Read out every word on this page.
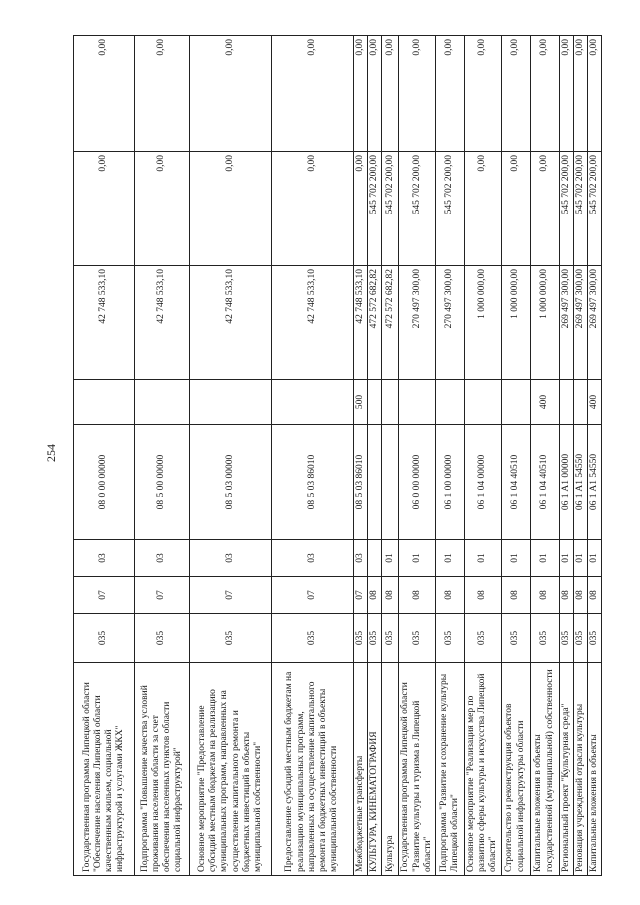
254
Государственная программа Липецкой области "Обеспечение населения Липецкой области качественным жильем, социальной инфраструктурой и услугами ЖКХ"	035	07	03	08 0 00 00000		42 748 533,10	0,00	0,00
Подпрограмма "Повышение качества условий проживания населения области за счет обеспечения населенных пунктов области социальной инфраструктурой"	035	07	03	08 5 00 00000		42 748 533,10	0,00	0,00
Основное мероприятие "Предоставление субсидий местным бюджетам на реализацию муниципальных программ, направленных на осуществление капитального ремонта и бюджетных инвестиций в объекты муниципальной собственности"	035	07	03	08 5 03 00000		42 748 533,10	0,00	0,00
Предоставление субсидий местным бюджетам на реализацию муниципальных программ, направленных на осуществление капитального ремонта и бюджетных инвестиций в объекты муниципальной собственности	035	07	03	08 5 03 86010		42 748 533,10	0,00	0,00
Межбюджетные трансферты	035	07	03	08 5 03 86010	500	42 748 533,10	0,00	0,00
КУЛЬТУРА, КИНЕМАТОГРАФИЯ	035	08				472 572 682,82	545 702 200,00	0,00
Культура	035	08	01			472 572 682,82	545 702 200,00	0,00
Государственная программа Липецкой области "Развитие культуры и туризма в Липецкой области"	035	08	01	06 0 00 00000		270 497 300,00	545 702 200,00	0,00
Подпрограмма "Развитие и сохранение культуры Липецкой области"	035	08	01	06 1 00 00000		270 497 300,00	545 702 200,00	0,00
Основное мероприятие "Реализация мер по развитию сферы культуры и искусства Липецкой области"	035	08	01	06 1 04 00000		1 000 000,00	0,00	0,00
Строительство и реконструкция объектов социальной инфраструктуры области	035	08	01	06 1 04 40510		1 000 000,00	0,00	0,00
Капитальные вложения в объекты государственной (муниципальной) собственности	035	08	01	06 1 04 40510	400	1 000 000,00	0,00	0,00
Региональный проект "Культурная среда"	035	08	01	06 1 A1 00000		269 497 300,00	545 702 200,00	0,00
Реновация учреждений отрасли культуры	035	08	01	06 1 A1 54550		269 497 300,00	545 702 200,00	0,00
Капитальные вложения в объекты	035	08	01	06 1 A1 54550	400	269 497 300,00	545 702 200,00	0,00
